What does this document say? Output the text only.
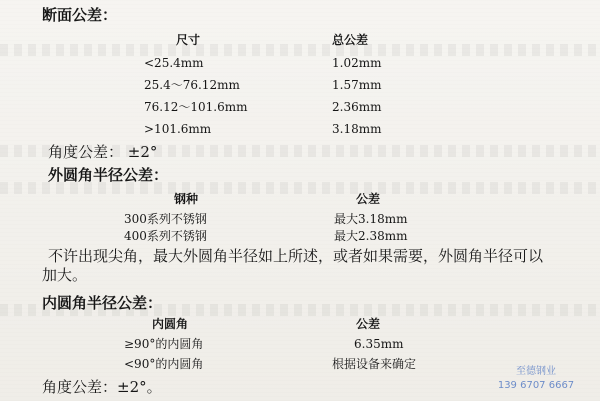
断面公差：
尺寸	总公差
<25.4mm	1.02mm
25.4～76.12mm	1.57mm
76.12～101.6mm	2.36mm
>101.6mm	3.18mm
角度公差： ±2°
外圆角半径公差：
钢种	公差
300系列不锈钢	最大3.18mm
400系列不锈钢	最大2.38mm
不许出现尖角，最大外圆角半径如上所述，或者如果需要，外圆角半径可以
加大。
内圆角半径公差：
内圆角	公差
≥90°的内圆角	6.35mm
<90°的内圆角	根据设备来确定
角度公差：±2°。
至德钢业
139 6707 6667
